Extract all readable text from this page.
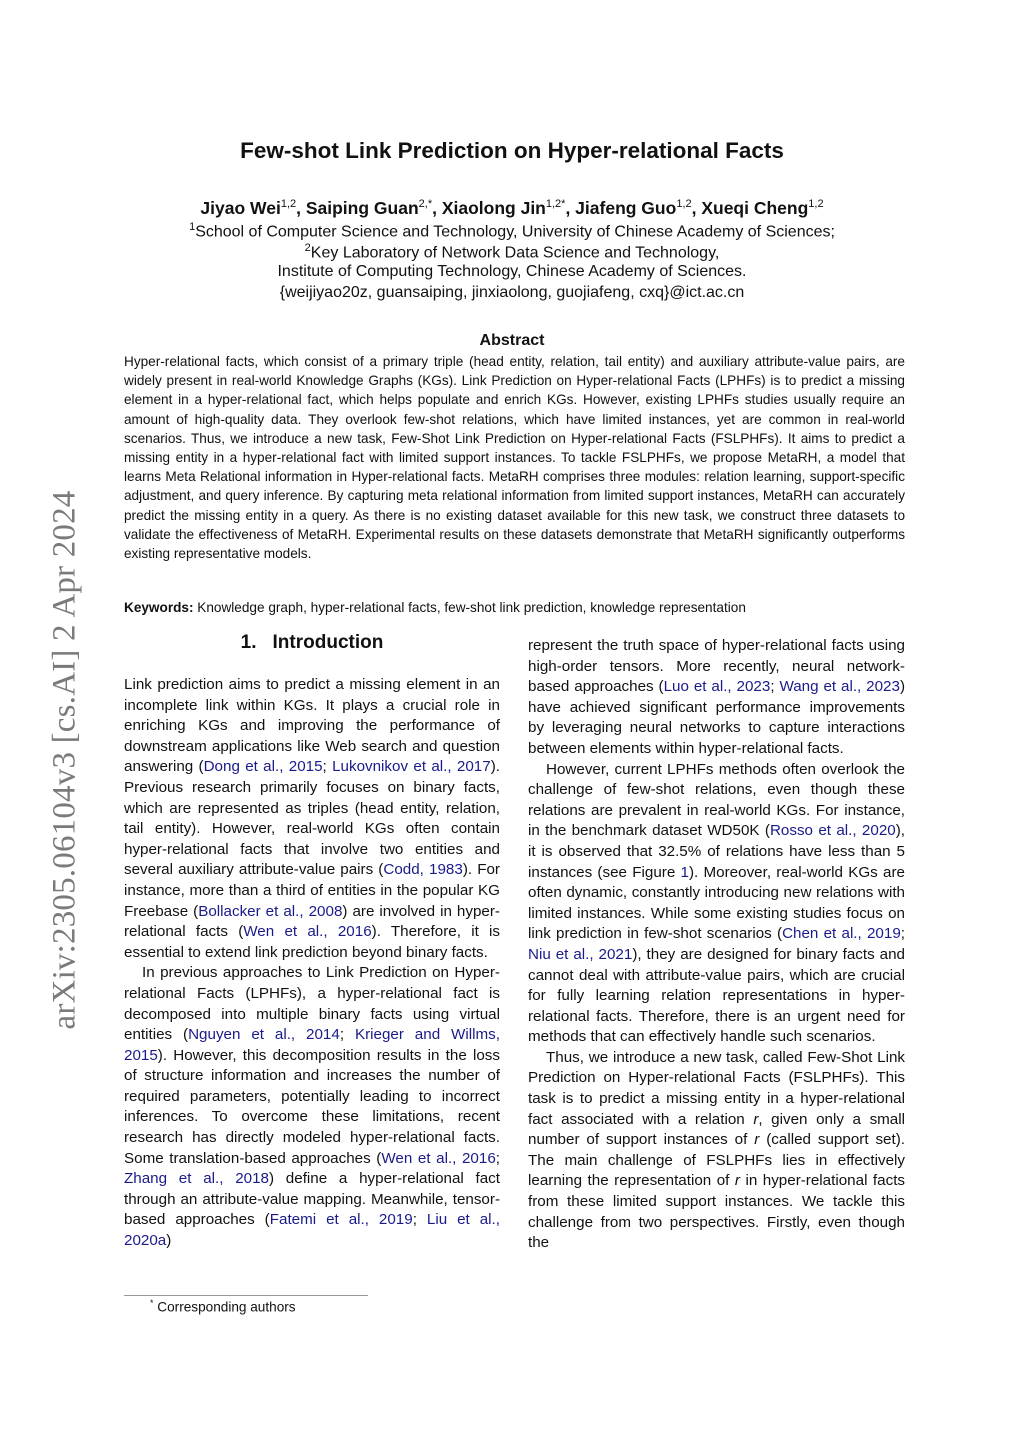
arXiv:2305.06104v3 [cs.AI] 2 Apr 2024
Few-shot Link Prediction on Hyper-relational Facts
Jiyao Wei$^{1,2}$, Saiping Guan$^{2,*}$, Xiaolong Jin$^{1,2*}$, Jiafeng Guo$^{1,2}$, Xueqi Cheng$^{1,2}$
$^1$School of Computer Science and Technology, University of Chinese Academy of Sciences;
$^2$Key Laboratory of Network Data Science and Technology,
Institute of Computing Technology, Chinese Academy of Sciences.
{weijiyao20z, guansaiping, jinxiaolong, guojiafeng, cxq}@ict.ac.cn
Abstract
Hyper-relational facts, which consist of a primary triple (head entity, relation, tail entity) and auxiliary attribute-value pairs, are widely present in real-world Knowledge Graphs (KGs). Link Prediction on Hyper-relational Facts (LPHFs) is to predict a missing element in a hyper-relational fact, which helps populate and enrich KGs. However, existing LPHFs studies usually require an amount of high-quality data. They overlook few-shot relations, which have limited instances, yet are common in real-world scenarios. Thus, we introduce a new task, Few-Shot Link Prediction on Hyper-relational Facts (FSLPHFs). It aims to predict a missing entity in a hyper-relational fact with limited support instances. To tackle FSLPHFs, we propose MetaRH, a model that learns Meta Relational information in Hyper-relational facts. MetaRH comprises three modules: relation learning, support-specific adjustment, and query inference. By capturing meta relational information from limited support instances, MetaRH can accurately predict the missing entity in a query. As there is no existing dataset available for this new task, we construct three datasets to validate the effectiveness of MetaRH. Experimental results on these datasets demonstrate that MetaRH significantly outperforms existing representative models.
Keywords: Knowledge graph, hyper-relational facts, few-shot link prediction, knowledge representation
1. Introduction

Link prediction aims to predict a missing element in an incomplete link within KGs. It plays a crucial role in enriching KGs and improving the performance of downstream applications like Web search and question answering (Dong et al., 2015; Lukovnikov et al., 2017). Previous research primarily focuses on binary facts, which are represented as triples (head entity, relation, tail entity). However, real-world KGs often contain hyper-relational facts that involve two entities and several auxiliary attribute-value pairs (Codd, 1983). For instance, more than a third of entities in the popular KG Freebase (Bollacker et al., 2008) are involved in hyper-relational facts (Wen et al., 2016). Therefore, it is essential to extend link prediction beyond binary facts.

In previous approaches to Link Prediction on Hyper-relational Facts (LPHFs), a hyper-relational fact is decomposed into multiple binary facts using virtual entities (Nguyen et al., 2014; Krieger and Willms, 2015). However, this decomposition results in the loss of structure information and increases the number of required parameters, potentially leading to incorrect inferences. To overcome these limitations, recent research has directly modeled hyper-relational facts. Some translation-based approaches (Wen et al., 2016; Zhang et al., 2018) define a hyper-relational fact through an attribute-value mapping. Meanwhile, tensor-based approaches (Fatemi et al., 2019; Liu et al., 2020a)

represent the truth space of hyper-relational facts using high-order tensors. More recently, neural network-based approaches (Luo et al., 2023; Wang et al., 2023) have achieved significant performance improvements by leveraging neural networks to capture interactions between elements within hyper-relational facts.

However, current LPHFs methods often overlook the challenge of few-shot relations, even though these relations are prevalent in real-world KGs. For instance, in the benchmark dataset WD50K (Rosso et al., 2020), it is observed that 32.5% of relations have less than 5 instances (see Figure 1). Moreover, real-world KGs are often dynamic, constantly introducing new relations with limited instances. While some existing studies focus on link prediction in few-shot scenarios (Chen et al., 2019; Niu et al., 2021), they are designed for binary facts and cannot deal with attribute-value pairs, which are crucial for fully learning relation representations in hyper-relational facts. Therefore, there is an urgent need for methods that can effectively handle such scenarios.

Thus, we introduce a new task, called Few-Shot Link Prediction on Hyper-relational Facts (FSLPHFs). This task is to predict a missing entity in a hyper-relational fact associated with a relation r, given only a small number of support instances of r (called support set). The main challenge of FSLPHFs lies in effectively learning the representation of r in hyper-relational facts from these limited support instances. We tackle this challenge from two perspectives. Firstly, even though the

* Corresponding authors
